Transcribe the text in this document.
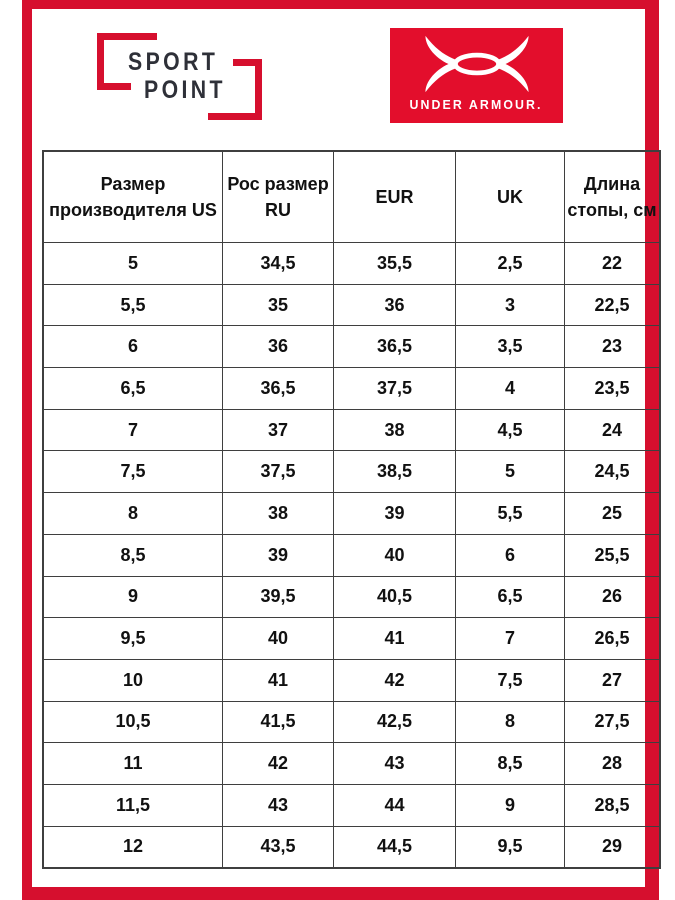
SPORT
POINT
UNDER ARMOUR.
Размер производителя US	Рос размер RU	EUR	UK	Длина стопы, см
5	34,5	35,5	2,5	22
5,5	35	36	3	22,5
6	36	36,5	3,5	23
6,5	36,5	37,5	4	23,5
7	37	38	4,5	24
7,5	37,5	38,5	5	24,5
8	38	39	5,5	25
8,5	39	40	6	25,5
9	39,5	40,5	6,5	26
9,5	40	41	7	26,5
10	41	42	7,5	27
10,5	41,5	42,5	8	27,5
11	42	43	8,5	28
11,5	43	44	9	28,5
12	43,5	44,5	9,5	29
